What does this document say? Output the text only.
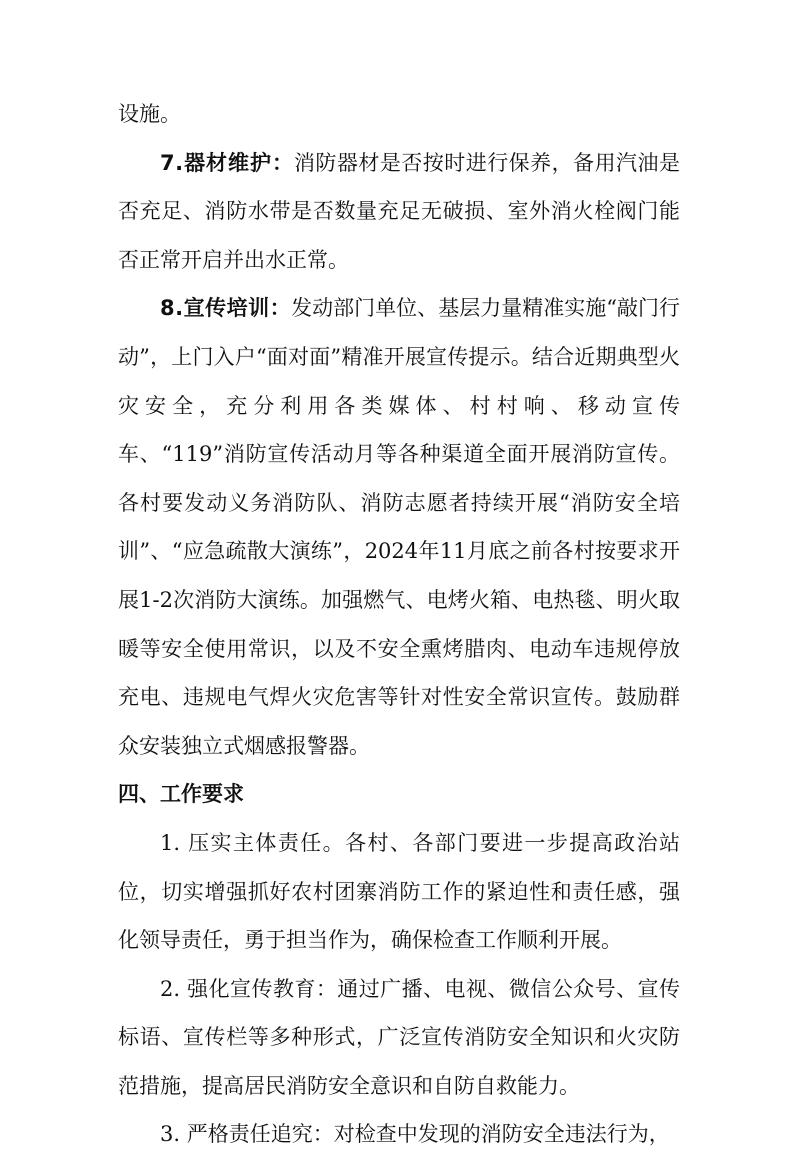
设施。

7.器材维护：消防器材是否按时进行保养，备用汽油是否充足、消防水带是否数量充足无破损、室外消火栓阀门能否正常开启并出水正常。

8.宣传培训：发动部门单位、基层力量精准实施“敲门行动”，上门入户“面对面”精准开展宣传提示。结合近期典型火灾安全，充分利用各类媒体、村村响、移动宣传车、“119”消防宣传活动月等各种渠道全面开展消防宣传。各村要发动义务消防队、消防志愿者持续开展“消防安全培训”、“应急疏散大演练”，2024年11月底之前各村按要求开展1-2次消防大演练。加强燃气、电烤火箱、电热毯、明火取暖等安全使用常识，以及不安全熏烤腊肉、电动车违规停放充电、违规电气焊火灾危害等针对性安全常识宣传。鼓励群众安装独立式烟感报警器。

四、工作要求

1. 压实主体责任。各村、各部门要进一步提高政治站位，切实增强抓好农村团寨消防工作的紧迫性和责任感，强化领导责任，勇于担当作为，确保检查工作顺利开展。

2. 强化宣传教育：通过广播、电视、微信公众号、宣传标语、宣传栏等多种形式，广泛宣传消防安全知识和火灾防范措施，提高居民消防安全意识和自防自救能力。

3. 严格责任追究：对检查中发现的消防安全违法行为，
